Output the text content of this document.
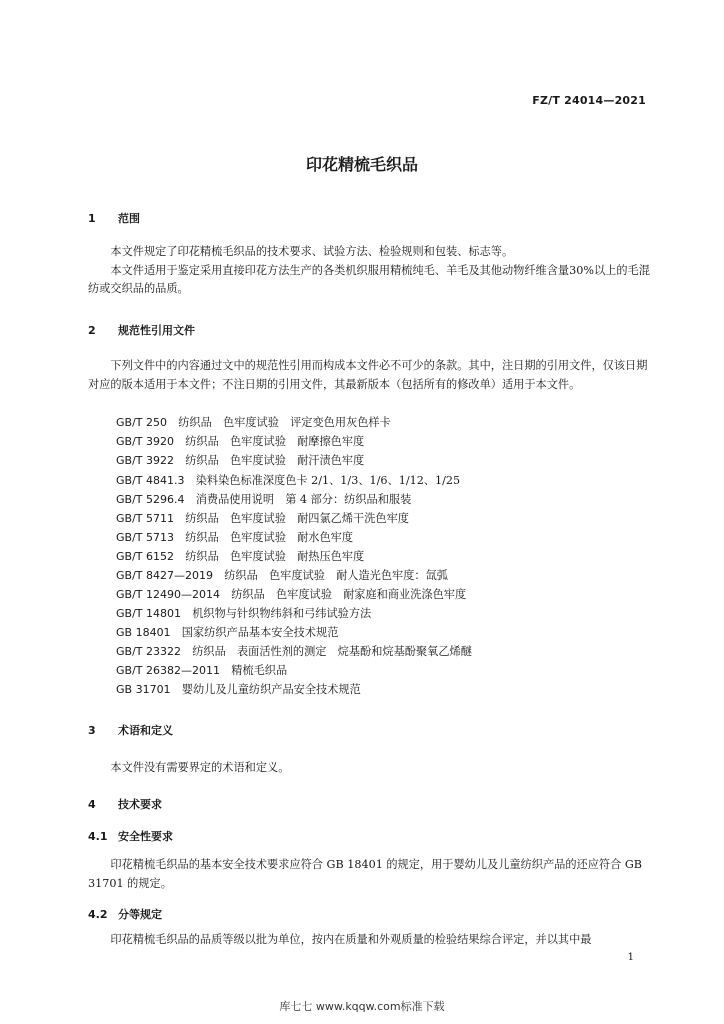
FZ/T 24014—2021
印花精梳毛织品
1 范围
本文件规定了印花精梳毛织品的技术要求、试验方法、检验规则和包装、标志等。
本文件适用于鉴定采用直接印花方法生产的各类机织服用精梳纯毛、羊毛及其他动物纤维含量30%以上的毛混纺或交织品的品质。
2 规范性引用文件
下列文件中的内容通过文中的规范性引用而构成本文件必不可少的条款。其中，注日期的引用文件，仅该日期对应的版本适用于本文件；不注日期的引用文件，其最新版本（包括所有的修改单）适用于本文件。
GB/T 250　 纺织品　色牢度试验　评定变色用灰色样卡
GB/T 3920　 纺织品　色牢度试验　耐摩擦色牢度
GB/T 3922　 纺织品　色牢度试验　耐汗渍色牢度
GB/T 4841.3　 染料染色标准深度色卡 2/1、1/3、1/6、1/12、1/25
GB/T 5296.4　 消费品使用说明　第 4 部分：纺织品和服装
GB/T 5711　 纺织品　色牢度试验　耐四氯乙烯干洗色牢度
GB/T 5713　 纺织品　色牢度试验　耐水色牢度
GB/T 6152　 纺织品　色牢度试验　耐热压色牢度
GB/T 8427—2019　 纺织品　色牢度试验　耐人造光色牢度：氙弧
GB/T 12490—2014　 纺织品　色牢度试验　耐家庭和商业洗涤色牢度
GB/T 14801　 机织物与针织物纬斜和弓纬试验方法
GB 18401　 国家纺织产品基本安全技术规范
GB/T 23322　 纺织品　表面活性剂的测定　烷基酚和烷基酚聚氧乙烯醚
GB/T 26382—2011　 精梳毛织品
GB 31701　 婴幼儿及儿童纺织产品安全技术规范
3 术语和定义
本文件没有需要界定的术语和定义。
4 技术要求
4.1 安全性要求
印花精梳毛织品的基本安全技术要求应符合 GB 18401 的规定，用于婴幼儿及儿童纺织产品的还应符合 GB 31701 的规定。
4.2 分等规定
印花精梳毛织品的品质等级以批为单位，按内在质量和外观质量的检验结果综合评定，并以其中最
1
库七七 www.kqqw.com标准下载
